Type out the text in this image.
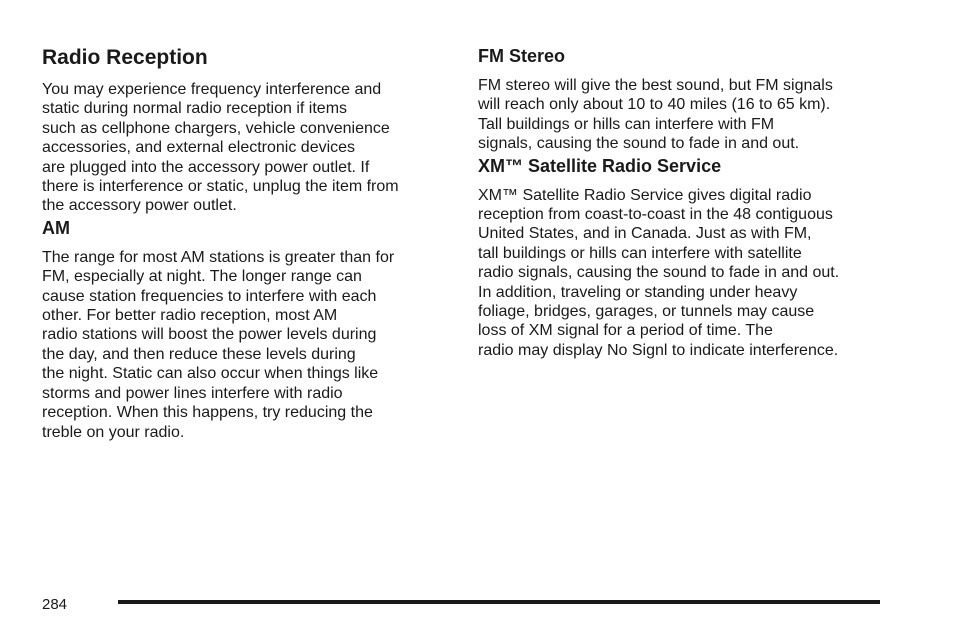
Radio Reception

You may experience frequency interference and
static during normal radio reception if items
such as cellphone chargers, vehicle convenience
accessories, and external electronic devices
are plugged into the accessory power outlet. If
there is interference or static, unplug the item from
the accessory power outlet.

AM

The range for most AM stations is greater than for
FM, especially at night. The longer range can
cause station frequencies to interfere with each
other. For better radio reception, most AM
radio stations will boost the power levels during
the day, and then reduce these levels during
the night. Static can also occur when things like
storms and power lines interfere with radio
reception. When this happens, try reducing the
treble on your radio.

FM Stereo

FM stereo will give the best sound, but FM signals
will reach only about 10 to 40 miles (16 to 65 km).
Tall buildings or hills can interfere with FM
signals, causing the sound to fade in and out.

XM™ Satellite Radio Service

XM™ Satellite Radio Service gives digital radio
reception from coast-to-coast in the 48 contiguous
United States, and in Canada. Just as with FM,
tall buildings or hills can interfere with satellite
radio signals, causing the sound to fade in and out.
In addition, traveling or standing under heavy
foliage, bridges, garages, or tunnels may cause
loss of XM signal for a period of time. The
radio may display No Signl to indicate interference.

284
